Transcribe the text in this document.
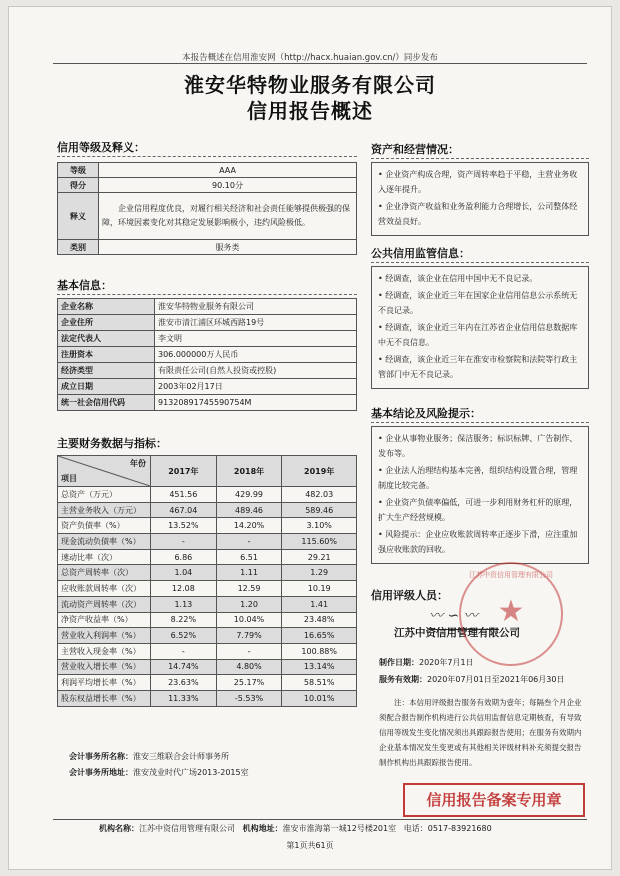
本报告概述在信用淮安网（http://hacx.huaian.gov.cn/）同步发布
淮安华特物业服务有限公司
信用报告概述
信用等级及释义：
等级	AAA
得分	90.10分
释义	企业信用程度优良，对履行相关经济和社会责任能够提供极强的保障，环境因素变化对其稳定发展影响极小，违约风险极低。
类别	服务类
基本信息：
企业名称	淮安华特物业服务有限公司
企业住所	淮安市清江浦区环城西路19号
法定代表人	李文明
注册资本	306.000000万人民币
经济类型	有限责任公司(自然人投资或控股)
成立日期	2003年02月17日
统一社会信用代码	91320891745590754M
主要财务数据与指标：
年份
项目	2017年	2018年	2019年
总资产（万元）	451.56	429.99	482.03
主营业务收入（万元）	467.04	489.46	589.46
资产负债率（%）	13.52%	14.20%	3.10%
现金流动负债率（%）	-	-	115.60%
速动比率（次）	6.86	6.51	29.21
总资产周转率（次）	1.04	1.11	1.29
应收账款周转率（次）	12.08	12.59	10.19
流动资产周转率（次）	1.13	1.20	1.41
净资产收益率（%）	8.22%	10.04%	23.48%
营业收入利润率（%）	6.52%	7.79%	16.65%
主营收入现金率（%）	-	-	100.88%
营业收入增长率（%）	14.74%	4.80%	13.14%
利润平均增长率（%）	23.63%	25.17%	58.51%
股东权益增长率（%）	11.33%	-5.53%	10.01%
会计事务所名称：淮安三维联合会计师事务所
会计事务所地址：淮安茂业时代广场2013-2015室
资产和经营情况：

• 企业资产构成合理，资产周转率趋于平稳，主营业务收入逐年提升。

• 企业净资产收益和业务盈利能力合理增长，公司整体经营效益良好。

公共信用监管信息：

• 经调查，该企业在信用中国中无不良记录。

• 经调查，该企业近三年在国家企业信用信息公示系统无不良记录。

• 经调查，该企业近三年内在江苏省企业信用信息数据库中无不良信息。

• 经调查，该企业近三年在淮安市检察院和法院等行政主管部门中无不良记录。

基本结论及风险提示：

• 企业从事物业服务；保洁服务；标识标牌、广告制作、发布等。

• 企业法人治理结构基本完善，组织结构设置合理，管理制度比较完备。

• 企业资产负债率偏低，可进一步利用财务杠杆的原理，扩大生产经营规模。

• 风险提示：企业应收账款周转率正逐步下滑，应注重加强应收账款的回收。

信用评级人员：
〰 ∽ 〰
江苏中资信用管理有限公司
制作日期：2020年7月1日
服务有效期：2020年07月01日至2021年06月30日
注：本信用评级报告服务有效期为壹年；每隔叁个月企业须配合报告制作机构进行公共信用监督信息定期核查，有导致信用等级发生变化情况须出具跟踪报告使用；在服务有效期内企业基本情况发生变更或有其他相关评级材料补充须提交报告制作机构出具跟踪报告使用。
★
江苏中资信用管理有限公司
机构名称：江苏中资信用管理有限公司 机构地址：淮安市淮海第一城12号楼201室 电话：0517-83921680
第1页共61页
信用报告备案专用章
